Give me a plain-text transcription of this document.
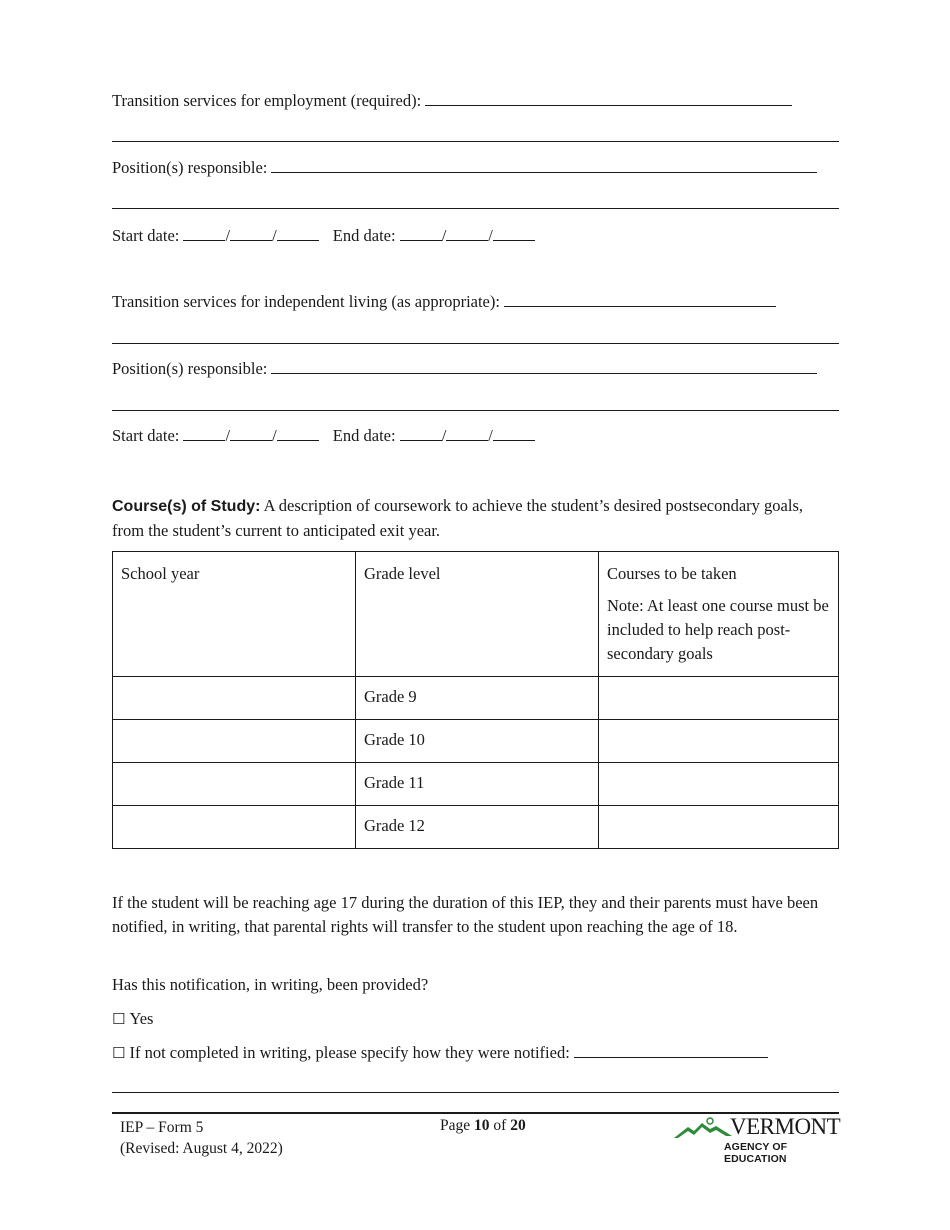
Transition services for employment (required):
Position(s) responsible:
Start date:	/	/	End date:	/	/
Transition services for independent living (as appropriate):
Position(s) responsible:
Start date:	/	/	End date:	/	/
Course(s) of Study: A description of coursework to achieve the student’s desired postsecondary goals, from the student’s current to anticipated exit year.
School year	Grade level	Courses to be taken
Note: At least one course must be included to help reach post-secondary goals

	Grade 9	
	Grade 10	
	Grade 11	
	Grade 12	
If the student will be reaching age 17 during the duration of this IEP, they and their parents must have been notified, in writing, that parental rights will transfer to the student upon reaching the age of 18.
Has this notification, in writing, been provided?
☐ Yes
☐ If not completed in writing, please specify how they were notified:
IEP – Form 5
(Revised: August 4, 2022)
Page 10 of 20	VERMONT
AGENCY OF EDUCATION
